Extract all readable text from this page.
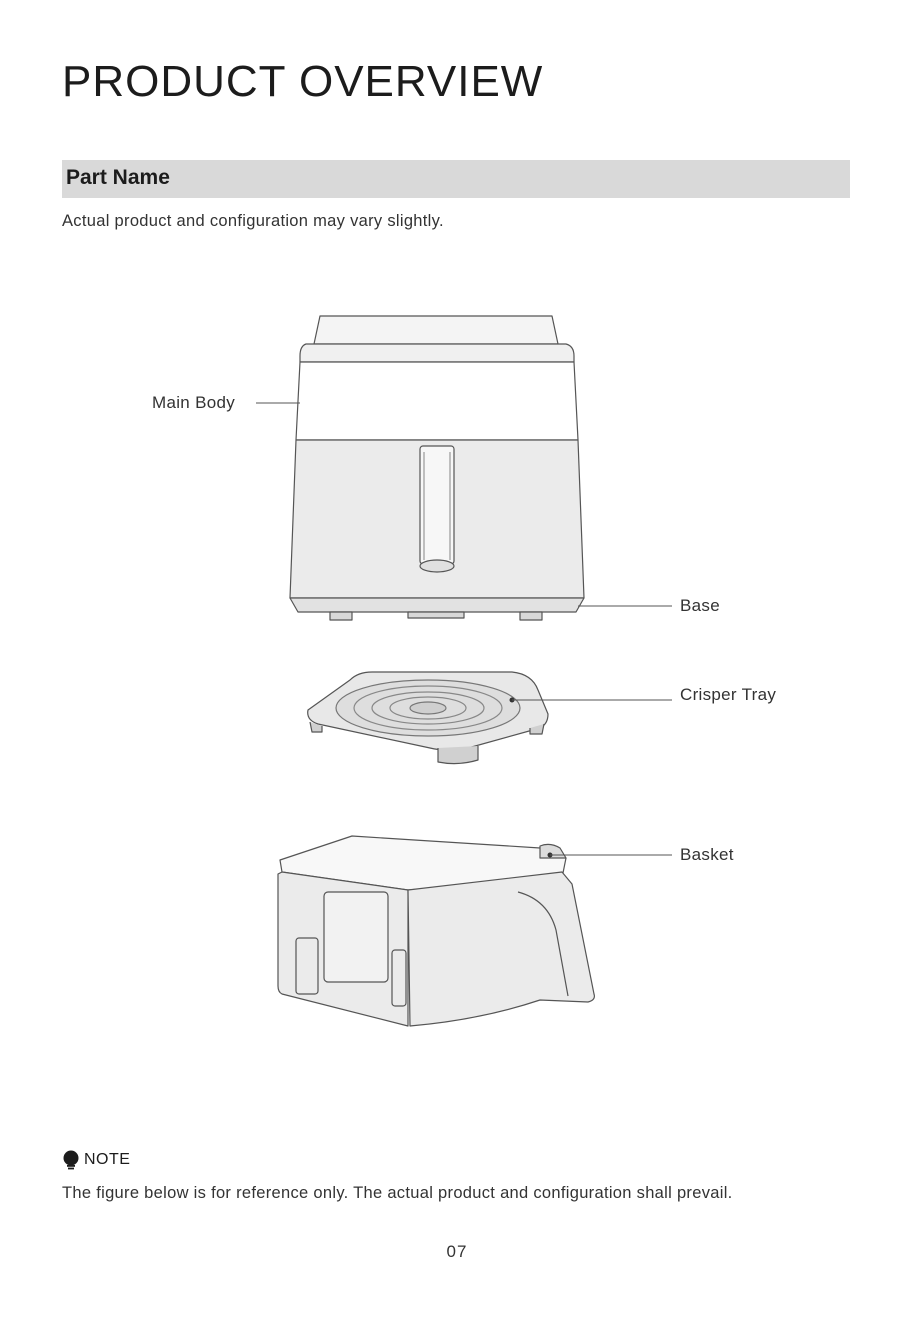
PRODUCT OVERVIEW
Part Name
Actual product and configuration may vary slightly.
Main Body
Base
Crisper Tray
Basket
NOTE
The figure below is for reference only. The actual product and configuration shall prevail.
07
